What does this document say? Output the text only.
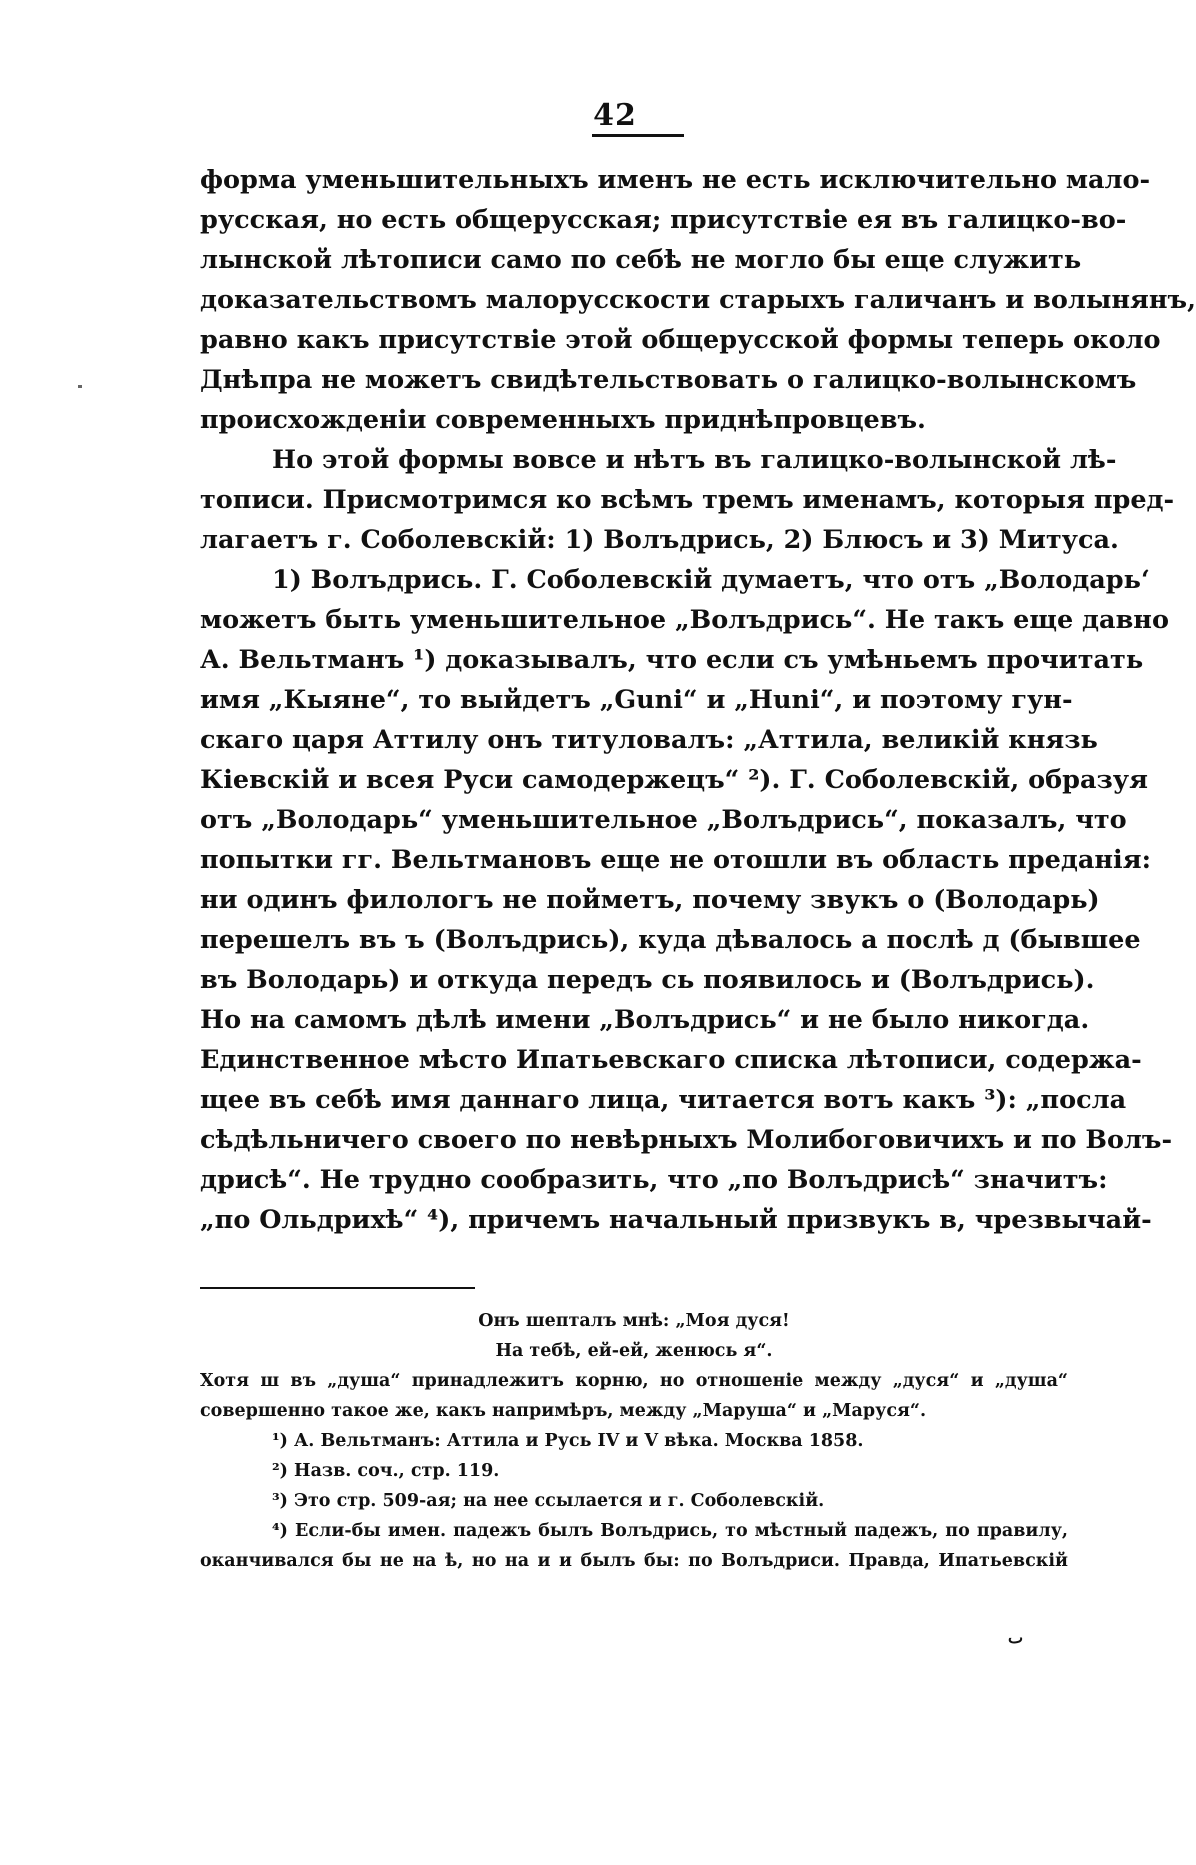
42
форма уменьшительныхъ именъ не есть исключительно мало-
русская, но есть общерусская; присутствіе ея въ галицко-во-
лынской лѣтописи само по себѣ не могло бы еще служить
доказательствомъ малорусскости старыхъ галичанъ и волынянъ,
равно какъ присутствіе этой общерусской формы теперь около
Днѣпра не можетъ свидѣтельствовать о галицко-волынскомъ
происхожденіи современныхъ приднѣпровцевъ.
Но этой формы вовсе и нѣтъ въ галицко-волынской лѣ-
тописи. Присмотримся ко всѣмъ тремъ именамъ, которыя пред-
лагаетъ г. Соболевскій: 1) Волъдрись, 2) Блюсъ и 3) Митуса.
1) Волъдрись. Г. Соболевскій думаетъ, что отъ „Володарь‘
можетъ быть уменьшительное „Волъдрись“. Не такъ еще давно
А. Вельтманъ ¹) доказывалъ, что если съ умѣньемъ прочитать
имя „Кыяне“, то выйдетъ „Guni“ и „Huni“, и поэтому гун-
скаго царя Аттилу онъ титуловалъ: „Аттила, великій князь
Кіевскій и всея Руси самодержецъ“ ²). Г. Соболевскій, образуя
отъ „Володарь“ уменьшительное „Волъдрись“, показалъ, что
попытки гг. Вельтмановъ еще не отошли въ область преданія:
ни одинъ филологъ не пойметъ, почему звукъ о (Володарь)
перешелъ въ ъ (Волъдрись), куда дѣвалось а послѣ д (бывшее
въ Володарь) и откуда передъ сь появилось и (Волъдрись).
Но на самомъ дѣлѣ имени „Волъдрись“ и не было никогда.
Единственное мѣсто Ипатьевскаго списка лѣтописи, содержа-
щее въ себѣ имя даннаго лица, читается вотъ какъ ³): „посла
сѣдѣльничего своего по невѣрныхъ Молибоговичихъ и по Волъ-
дрисѣ“. Не трудно сообразить, что „по Волъдрисѣ“ значитъ:
„по Ольдрихѣ“ ⁴), причемъ начальный призвукъ в, чрезвычай-
Онъ шепталъ мнѣ: „Моя дуся!
На тебѣ, ей-ей, женюсь я“.
Хотя ш въ „душа“ принадлежитъ корню, но отношеніе между „дуся“ и „душа“
совершенно такое же, какъ напримѣръ, между „Маруша“ и „Маруся“.
¹) А. Вельтманъ: Аттила и Русь IV и V вѣка. Москва 1858.
²) Назв. соч., стр. 119.
³) Это стр. 509-ая; на нее ссылается и г. Соболевскій.
⁴) Если-бы имен. падежъ былъ Волъдрись, то мѣстный падежъ, по правилу,
оканчивался бы не на ѣ, но на и и былъ бы: по Волъдриси. Правда, Ипатьевскій
ٮ
